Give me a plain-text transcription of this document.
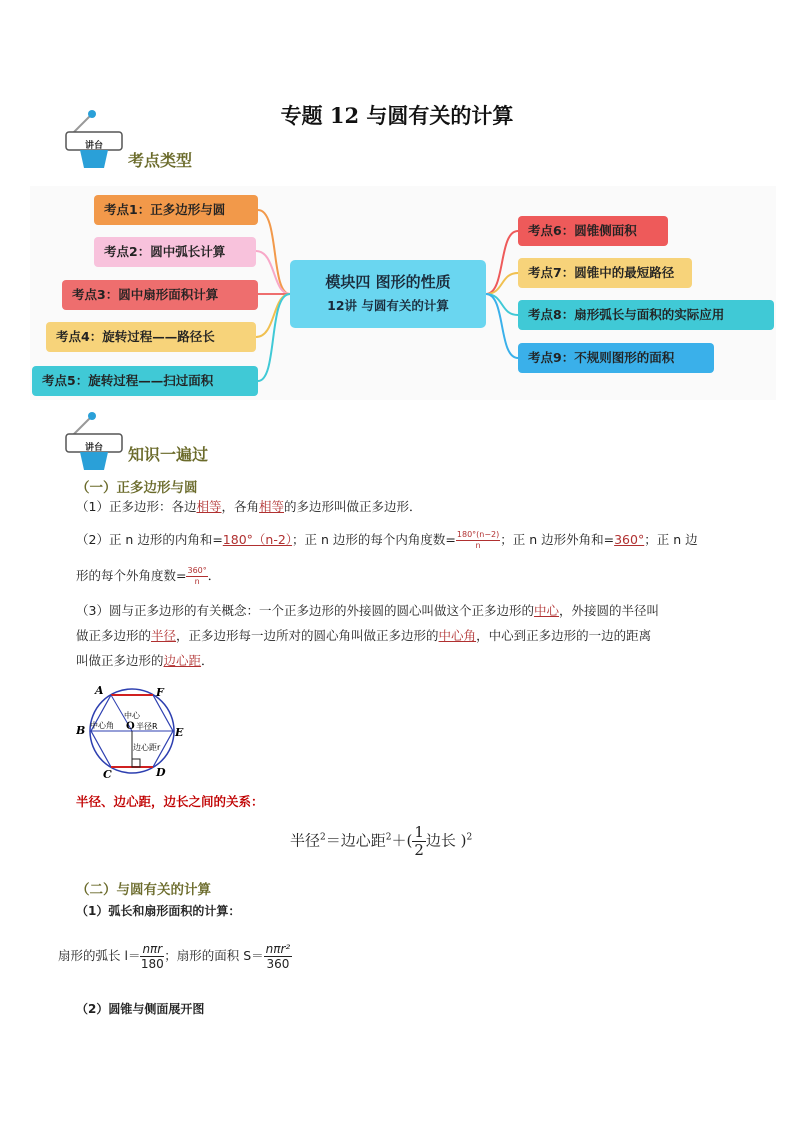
专题 12 与圆有关的计算
讲台
考点类型
模块四 图形的性质
12讲 与圆有关的计算
考点1：正多边形与圆
考点2：圆中弧长计算
考点3：圆中扇形面积计算
考点4：旋转过程——路径长
考点5：旋转过程——扫过面积
考点6：圆锥侧面积
考点7：圆锥中的最短路径
考点8：扇形弧长与面积的实际应用
考点9：不规则图形的面积
讲台	知识一遍过
（一）正多边形与圆
（1）正多边形：各边相等，各角相等的多边形叫做正多边形．
（2）正 n 边形的内角和=180°（n-2）；正 n 边形的每个内角度数= $\frac{180^\circ(n-2)}{n}$ ；正 n 边形外角和=360°；正 n 边
形的每个外角度数= $\frac{360^\circ}{n}$ ．
（3）圆与正多边形的有关概念：一个正多边形的外接圆的圆心叫做这个正多边形的中心，外接圆的半径叫
做正多边形的半径，正多边形每一边所对的圆心角叫做正多边形的中心角，中心到正多边形的一边的距离
叫做正多边形的边心距．
A	F
B	E
C	D
O
中心
中心角	半径R
边心距r
半径、边心距，边长之间的关系：
半径$^2$＝边心距$^2+( \frac{1}{2}$ 边长 )$^2$
（二）与圆有关的计算
（1）弧长和扇形面积的计算：
扇形的弧长 l＝ nπr
180
；扇形的面积 S＝ nπr²
360
（2）圆锥与侧面展开图
